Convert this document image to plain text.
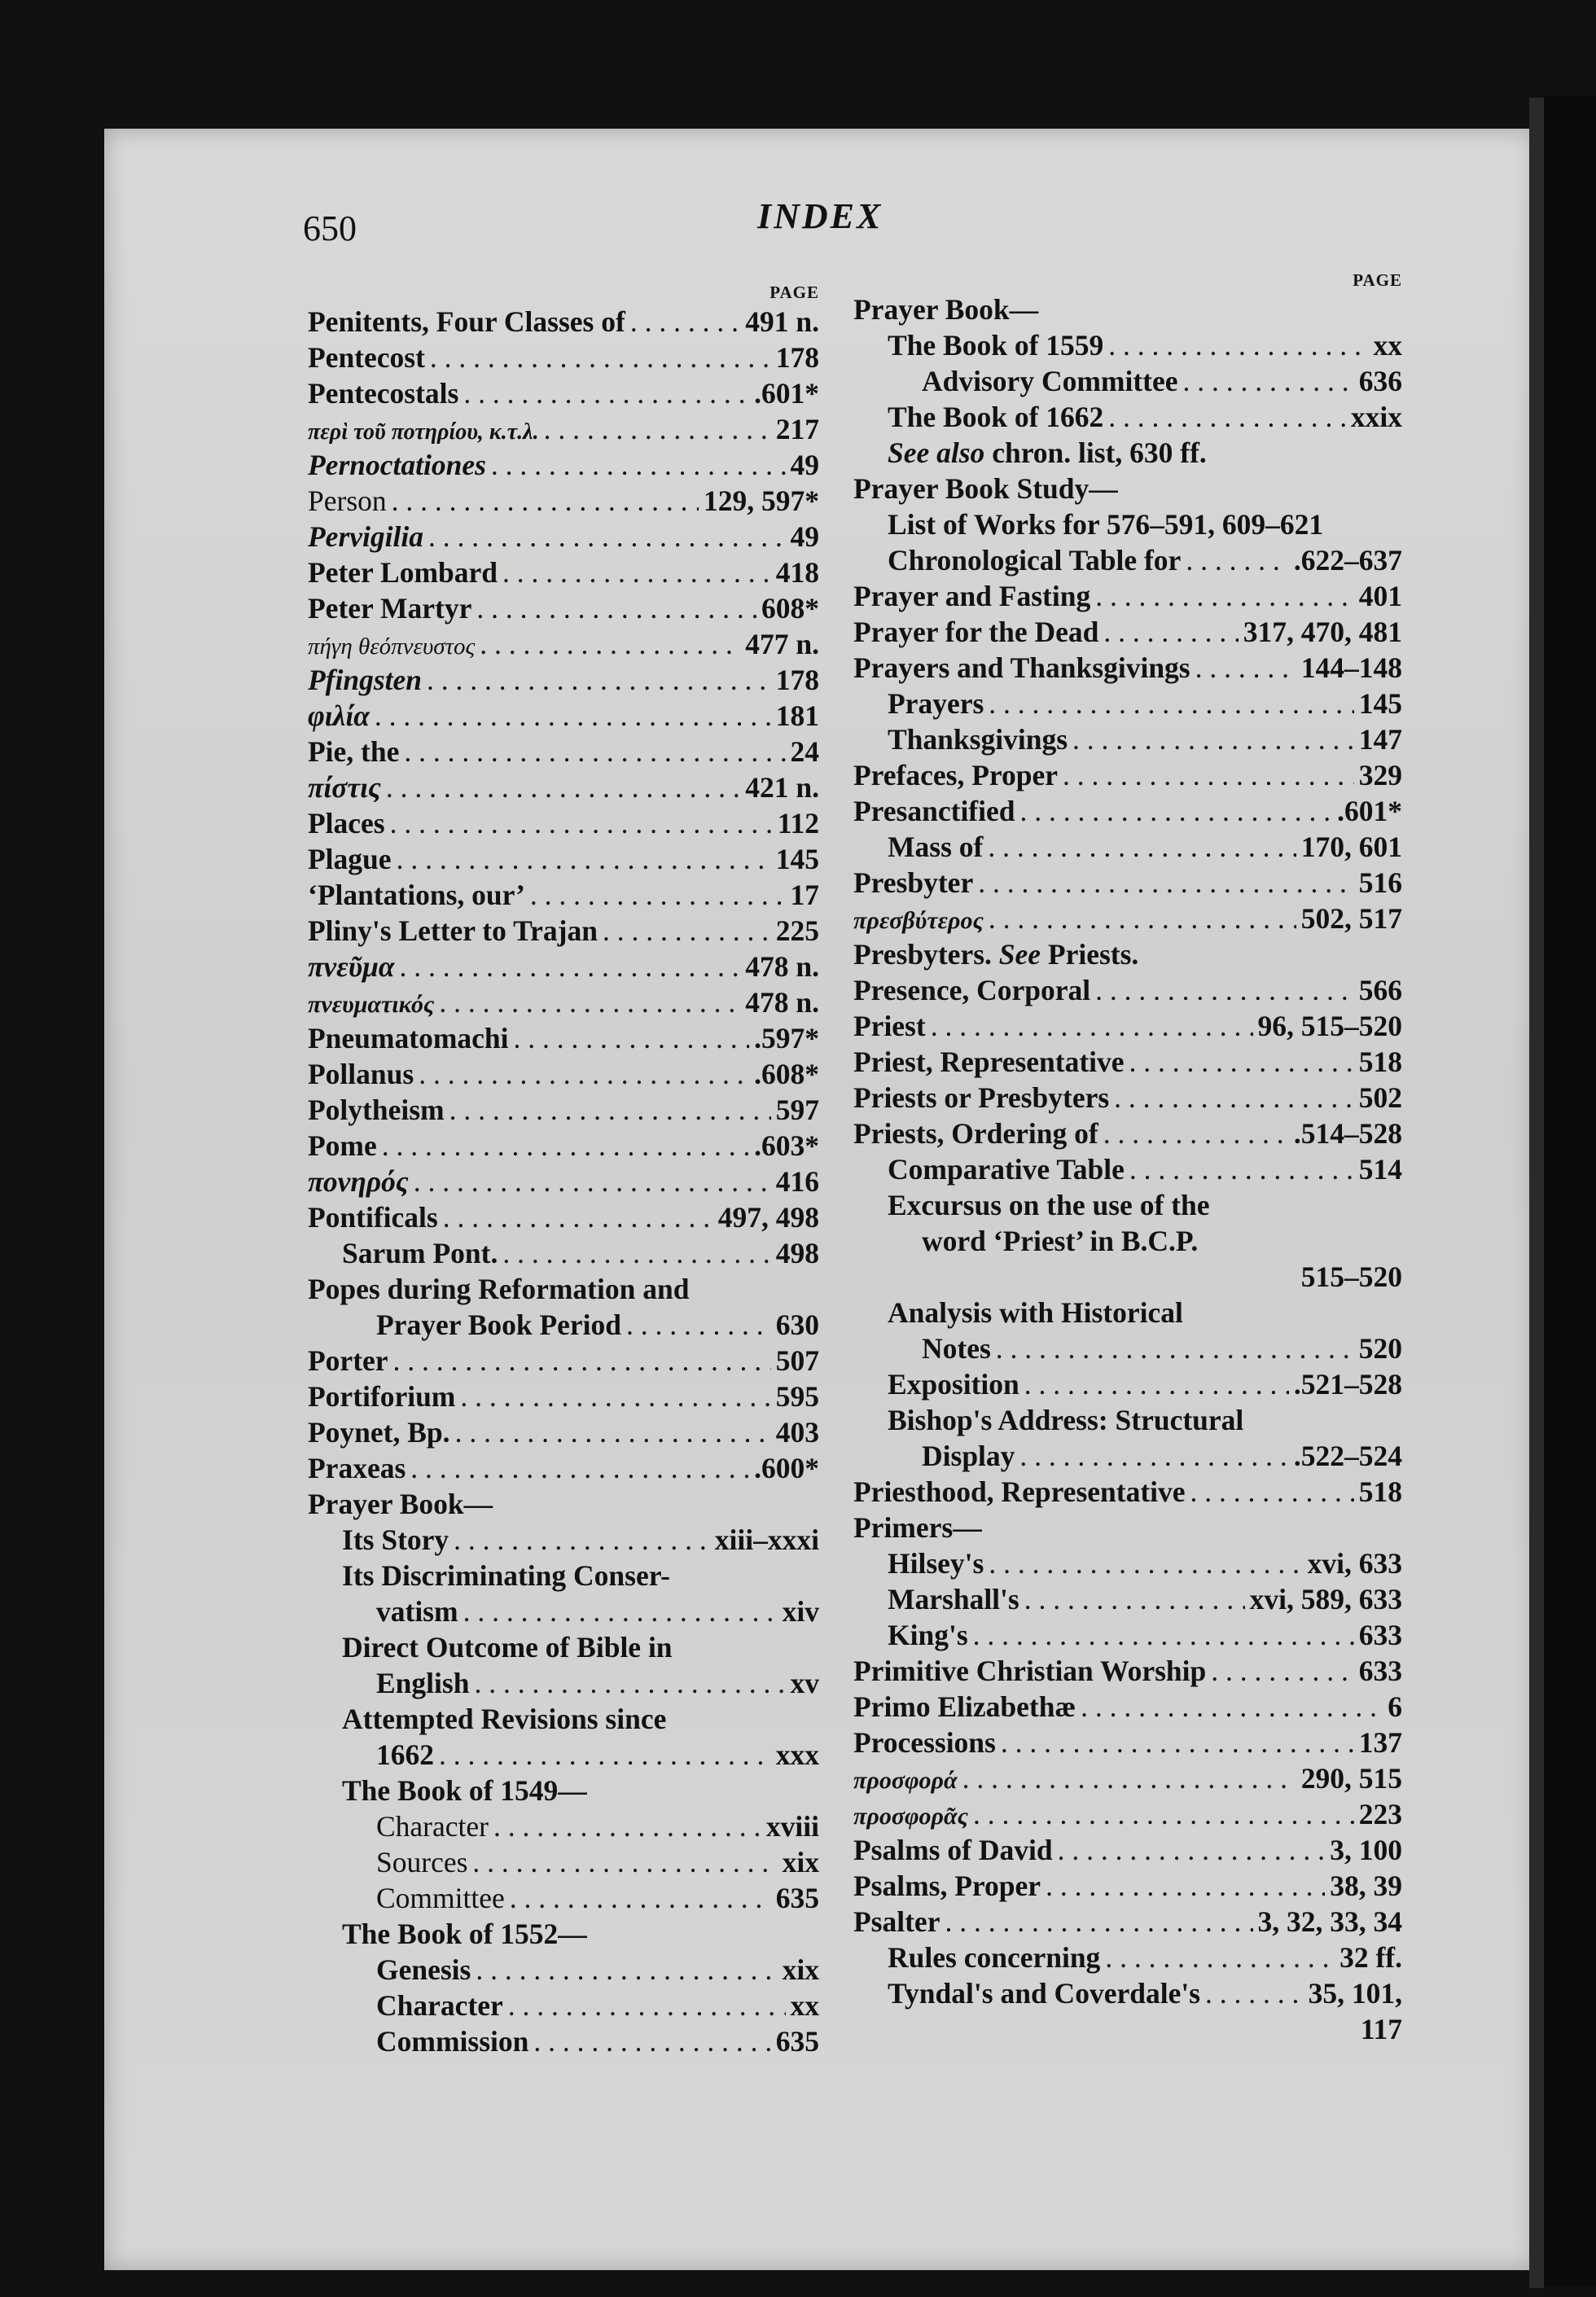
650	INDEX
PAGE
Penitents, Four Classes of . .	491 n.
Pentecost . .	178
Pentecostals . .	.601*
περὶ τοῦ ποτηρίου, κ.τ.λ. . .	217
Pernoctationes . .	49
Person . .	129, 597*
Pervigilia . .	49
Peter Lombard . .	418
Peter Martyr . .	608*
πήγη θεόπνευστος . .	477 n.
Pfingsten . .	178
φιλία . .	181
Pie, the . .	24
πίστις . .	421 n.
Places . .	112
Plague . .	145
‘Plantations, our’ . .	17
Pliny's Letter to Trajan . .	225
πνεῦμα . .	478 n.
πνευματικός . .	478 n.
Pneumatomachi . .	.597*
Pollanus . .	.608*
Polytheism . .	597
Pome . .	.603*
πονηρός . .	416
Pontificals . .	497, 498
Sarum Pont. . .	498
Popes during Reformation and
Prayer Book Period . .	630
Porter . .	507
Portiforium . .	595
Poynet, Bp. . .	403
Praxeas . .	.600*
Prayer Book—
Its Story . .	xiii–xxxi
Its Discriminating Conser-
vatism . .	xiv
Direct Outcome of Bible in
English . .	xv
Attempted Revisions since
1662 . .	xxx
The Book of 1549—
Character . .	xviii
Sources . .	xix
Committee . .	635
The Book of 1552—
Genesis . .	xix
Character . .	xx
Commission . .	635
PAGE
Prayer Book—
The Book of 1559 . .	xx
Advisory Committee . .	636
The Book of 1662 . .	xxix
See also chron. list, 630 ff.
Prayer Book Study—
List of Works for 576–591, 609–621
Chronological Table for . .	.622–637
Prayer and Fasting . .	401
Prayer for the Dead . .	317, 470, 481
Prayers and Thanksgivings . .	144–148
Prayers . .	145
Thanksgivings . .	147
Prefaces, Proper . .	329
Presanctified . .	.601*
Mass of . .	170, 601
Presbyter . .	516
πρεσβύτερος . .	502, 517
Presbyters. See Priests.
Presence, Corporal . .	566
Priest . .	96, 515–520
Priest, Representative . .	518
Priests or Presbyters . .	502
Priests, Ordering of . .	.514–528
Comparative Table . .	514
Excursus on the use of the
word ‘Priest’ in B.C.P.
515–520
Analysis with Historical
Notes . .	520
Exposition . .	.521–528
Bishop's Address: Structural
Display . .	.522–524
Priesthood, Representative . .	518
Primers—
Hilsey's . .	xvi, 633
Marshall's . .	xvi, 589, 633
King's . .	633
Primitive Christian Worship . .	633
Primo Elizabethæ . .	6
Processions . .	137
προσφορά . .	290, 515
προσφορᾶς . .	223
Psalms of David . .	3, 100
Psalms, Proper . .	38, 39
Psalter . .	3, 32, 33, 34
Rules concerning . .	32 ff.
Tyndal's and Coverdale's . .	35, 101,
117
